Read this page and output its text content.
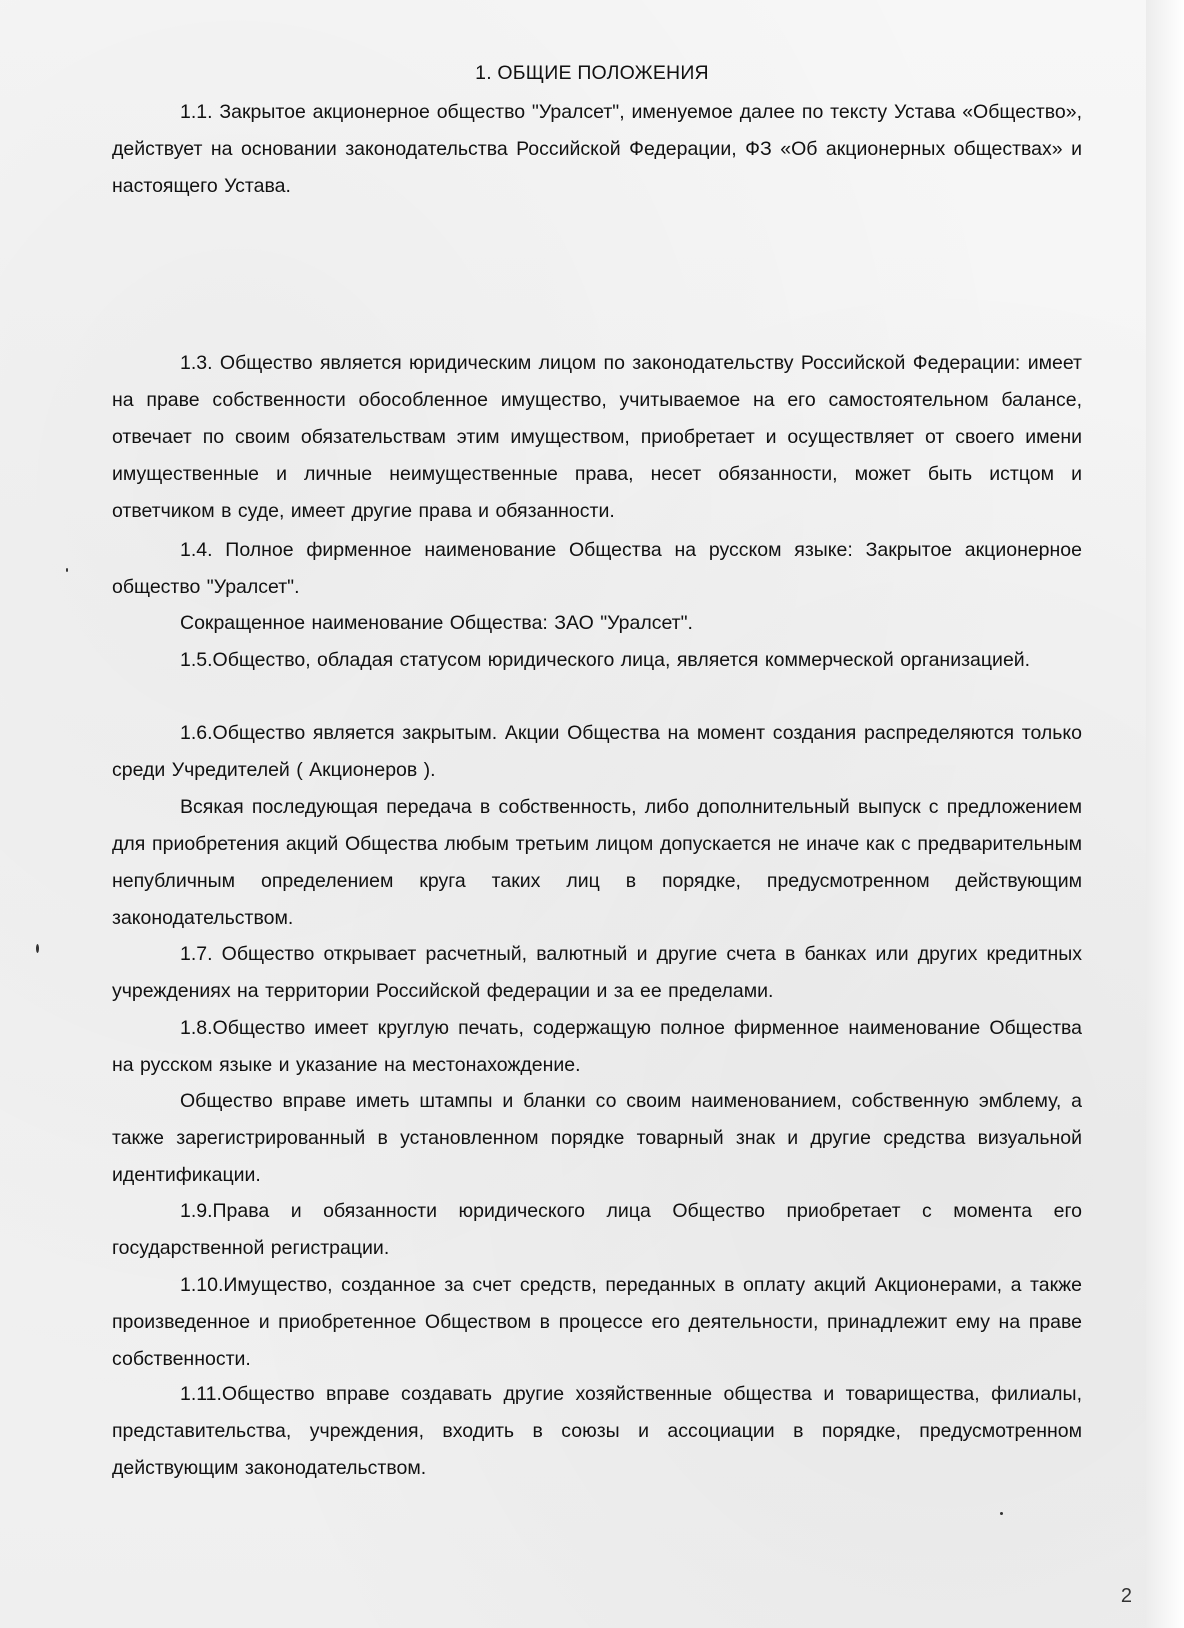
1. ОБЩИЕ ПОЛОЖЕНИЯ

1.1. Закрытое акционерное общество "Уралсет", именуемое далее по тексту Устава «Общество», действует на основании законодательства Российской Федерации, ФЗ «Об акционерных обществах» и настоящего Устава.

1.3. Общество является юридическим лицом по законодательству Российской Федерации: имеет на праве собственности обособленное имущество, учитываемое на его самостоятельном балансе, отвечает по своим обязательствам этим имуществом, приобретает и осуществляет от своего имени имущественные и личные неимущественные права, несет обязанности, может быть истцом и ответчиком в суде, имеет другие права и обязанности.

1.4. Полное фирменное наименование Общества на русском языке: Закрытое акционерное общество "Уралсет".

Сокращенное наименование Общества: ЗАО "Уралсет".

1.5.Общество, обладая статусом юридического лица, является коммерческой организацией.

1.6.Общество является закрытым. Акции Общества на момент создания распределяются только среди Учредителей ( Акционеров ).

Всякая последующая передача в собственность, либо дополнительный выпуск с предложением для приобретения акций Общества любым третьим лицом допускается не иначе как с предварительным непубличным определением круга таких лиц в порядке, предусмотренном действующим законодательством.

1.7. Общество открывает расчетный, валютный и другие счета в банках или других кредитных учреждениях на территории Российской федерации и за ее пределами.

1.8.Общество имеет круглую печать, содержащую полное фирменное наименование Общества на русском языке и указание на местонахождение.

Общество вправе иметь штампы и бланки со своим наименованием, собственную эмблему, а также зарегистрированный в установленном порядке товарный знак и другие средства визуальной идентификации.

1.9.Права и обязанности юридического лица Общество приобретает с момента его государственной регистрации.

1.10.Имущество, созданное за счет средств, переданных в оплату акций Акционерами, а также произведенное и приобретенное Обществом в процессе его деятельности, принадлежит ему на праве собственности.

1.11.Общество вправе создавать другие хозяйственные общества и товарищества, филиалы, представительства, учреждения, входить в союзы и ассоциации в порядке, предусмотренном действующим законодательством.

2
